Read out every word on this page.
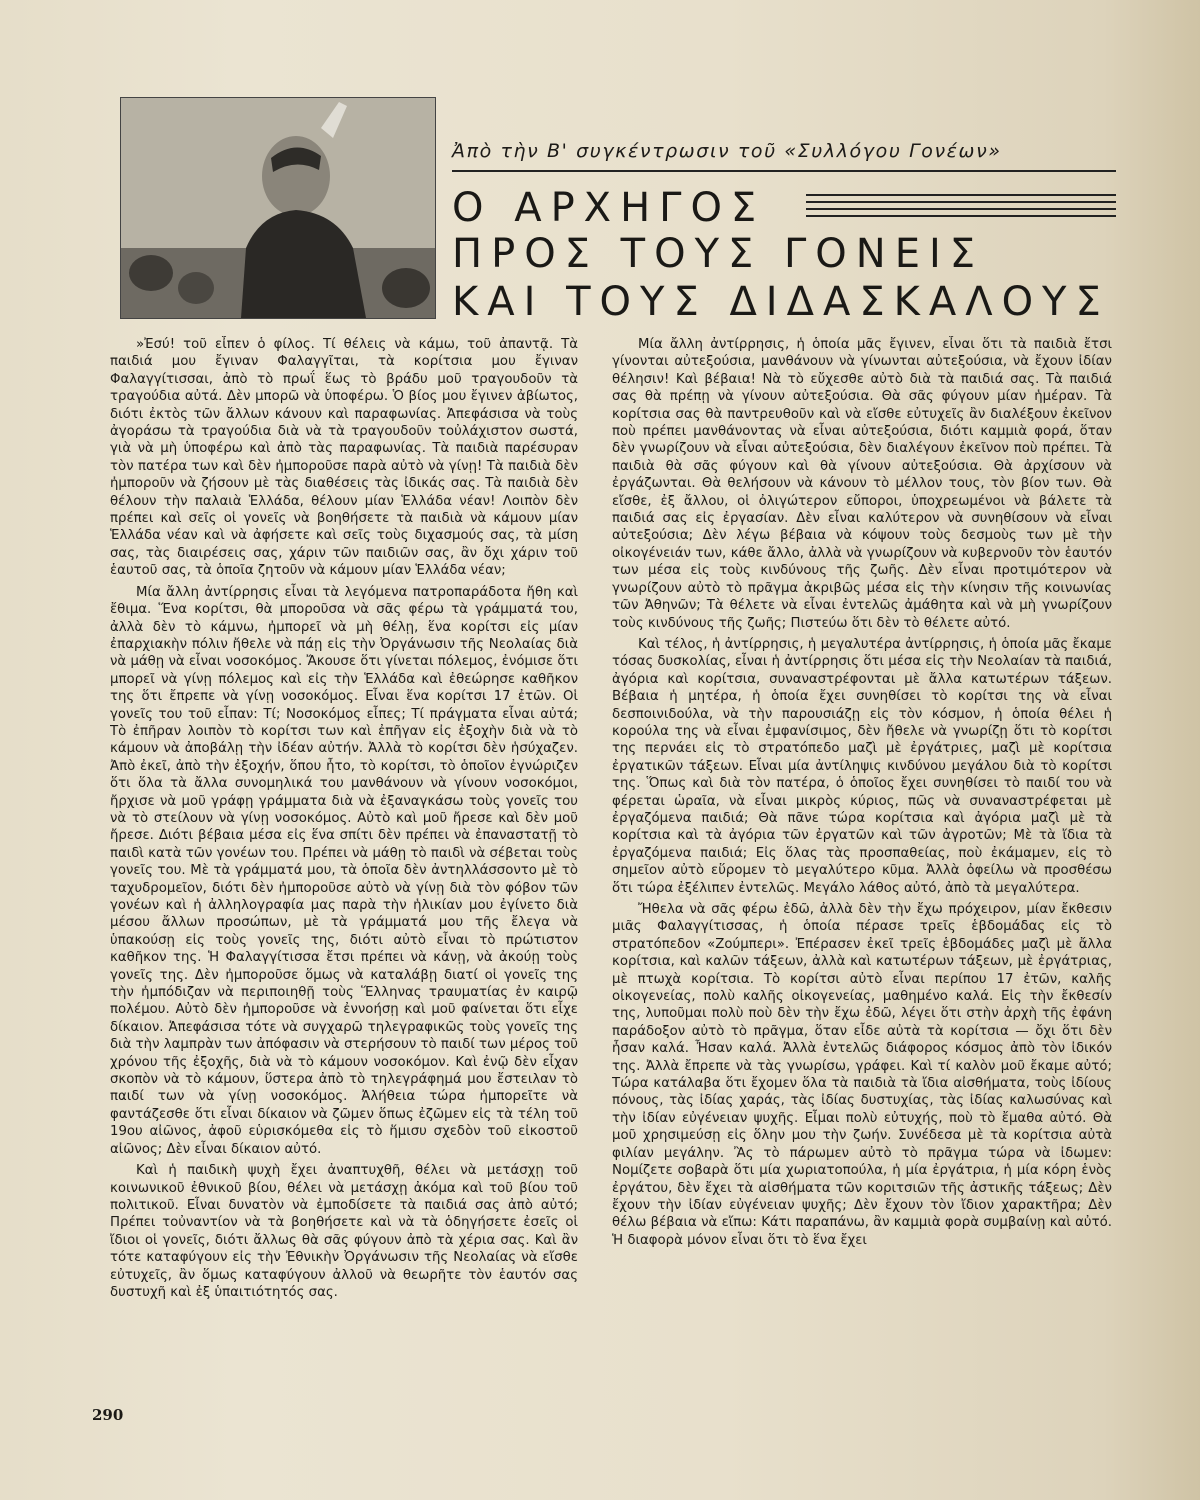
Ἀπὸ τὴν Β' συγκέντρωσιν τοῦ «Συλλόγου Γονέων»
Ο ΑΡΧΗΓΟΣ
ΠΡΟΣ ΤΟΥΣ ΓΟΝΕΙΣ
ΚΑΙ ΤΟΥΣ ΔΙΔΑΣΚΑΛΟΥΣ

»Ἐσύ! τοῦ εἶπεν ὁ φίλος. Τί θέλεις νὰ κάμω, τοῦ ἀπαντᾷ. Τὰ παιδιά μου ἔγιναν Φαλαγγῖται, τὰ κορίτσια μου ἔγιναν Φαλαγγίτισσαι, ἀπὸ τὸ πρωΐ ἕως τὸ βράδυ μοῦ τραγουδοῦν τὰ τραγούδια αὐτά. Δὲν μπορῶ νὰ ὑποφέρω. Ὁ βίος μου ἔγινεν ἀβίωτος, διότι ἐκτὸς τῶν ἄλλων κάνουν καὶ παραφωνίας. Ἀπεφάσισα νὰ τοὺς ἀγοράσω τὰ τραγούδια διὰ νὰ τὰ τραγουδοῦν τοὐλάχιστον σωστά, γιὰ νὰ μὴ ὑποφέρω καὶ ἀπὸ τὰς παραφωνίας. Τὰ παιδιὰ παρέσυραν τὸν πατέρα των καὶ δὲν ἠμποροῦσε παρὰ αὐτὸ νὰ γίνῃ! Τὰ παιδιὰ δὲν ἠμποροῦν νὰ ζήσουν μὲ τὰς διαθέσεις τὰς ἰδικάς σας. Τὰ παιδιὰ δὲν θέλουν τὴν παλαιὰ Ἑλλάδα, θέλουν μίαν Ἑλλάδα νέαν! Λοιπὸν δὲν πρέπει καὶ σεῖς οἱ γονεῖς νὰ βοηθήσετε τὰ παιδιὰ νὰ κάμουν μίαν Ἑλλάδα νέαν καὶ νὰ ἀφήσετε καὶ σεῖς τοὺς διχασμούς σας, τὰ μίση σας, τὰς διαιρέσεις σας, χάριν τῶν παιδιῶν σας, ἂν ὄχι χάριν τοῦ ἑαυτοῦ σας, τὰ ὁποῖα ζητοῦν νὰ κάμουν μίαν Ἑλλάδα νέαν;

Μία ἄλλη ἀντίρρησις εἶναι τὰ λεγόμενα πατροπαράδοτα ἤθη καὶ ἔθιμα. Ἕνα κορίτσι, θὰ μποροῦσα νὰ σᾶς φέρω τὰ γράμματά του, ἀλλὰ δὲν τὸ κάμνω, ἠμπορεῖ νὰ μὴ θέλῃ, ἕνα κορίτσι εἰς μίαν ἐπαρχιακὴν πόλιν ἤθελε νὰ πάῃ εἰς τὴν Ὀργάνωσιν τῆς Νεολαίας διὰ νὰ μάθῃ νὰ εἶναι νοσοκόμος. Ἄκουσε ὅτι γίνεται πόλεμος, ἐνόμισε ὅτι μπορεῖ νὰ γίνῃ πόλεμος καὶ εἰς τὴν Ἑλλάδα καὶ ἐθεώρησε καθῆκον της ὅτι ἔπρεπε νὰ γίνῃ νοσοκόμος. Εἶναι ἕνα κορίτσι 17 ἐτῶν. Οἱ γονεῖς του τοῦ εἶπαν: Τί; Νοσοκόμος εἶπες; Τί πράγματα εἶναι αὐτά; Τὸ ἐπῆραν λοιπὸν τὸ κορίτσι των καὶ ἐπῆγαν εἰς ἐξοχὴν διὰ νὰ τὸ κάμουν νὰ ἀποβάλῃ τὴν ἰδέαν αὐτήν. Ἀλλὰ τὸ κορίτσι δὲν ἡσύχαζεν. Ἀπὸ ἐκεῖ, ἀπὸ τὴν ἐξοχήν, ὅπου ἦτο, τὸ κορίτσι, τὸ ὁποῖον ἐγνώριζεν ὅτι ὅλα τὰ ἄλλα συνομηλικά του μανθάνουν νὰ γίνουν νοσοκόμοι, ἤρχισε νὰ μοῦ γράφῃ γράμματα διὰ νὰ ἐξαναγκάσω τοὺς γονεῖς του νὰ τὸ στείλουν νὰ γίνῃ νοσοκόμος. Αὐτὸ καὶ μοῦ ἤρεσε καὶ δὲν μοῦ ἤρεσε. Διότι βέβαια μέσα εἰς ἕνα σπίτι δὲν πρέπει νὰ ἐπαναστατῇ τὸ παιδὶ κατὰ τῶν γονέων του. Πρέπει νὰ μάθῃ τὸ παιδὶ νὰ σέβεται τοὺς γονεῖς του. Μὲ τὰ γράμματά μου, τὰ ὁποῖα δὲν ἀντηλλάσσοντο μὲ τὸ ταχυδρομεῖον, διότι δὲν ἠμποροῦσε αὐτὸ νὰ γίνῃ διὰ τὸν φόβον τῶν γονέων καὶ ἡ ἀλληλογραφία μας παρὰ τὴν ἡλικίαν μου ἐγίνετο διὰ μέσου ἄλλων προσώπων, μὲ τὰ γράμματά μου τῆς ἔλεγα νὰ ὑπακούσῃ εἰς τοὺς γονεῖς της, διότι αὐτὸ εἶναι τὸ πρώτιστον καθῆκον της. Ἡ Φαλαγγίτισσα ἔτσι πρέπει νὰ κάνῃ, νὰ ἀκούῃ τοὺς γονεῖς της. Δὲν ἠμποροῦσε ὅμως νὰ καταλάβῃ διατί οἱ γονεῖς της τὴν ἠμπόδιζαν νὰ περιποιηθῇ τοὺς Ἕλληνας τραυματίας ἐν καιρῷ πολέμου. Αὐτὸ δὲν ἠμποροῦσε νὰ ἐννοήσῃ καὶ μοῦ φαίνεται ὅτι εἶχε δίκαιον. Ἀπεφάσισα τότε νὰ συγχαρῶ τηλεγραφικῶς τοὺς γονεῖς της διὰ τὴν λαμπρὰν των ἀπόφασιν νὰ στερήσουν τὸ παιδί των μέρος τοῦ χρόνου τῆς ἐξοχῆς, διὰ νὰ τὸ κάμουν νοσοκόμον. Καὶ ἐνῷ δὲν εἶχαν σκοπὸν νὰ τὸ κάμουν, ὕστερα ἀπὸ τὸ τηλεγράφημά μου ἔστειλαν τὸ παιδί των νὰ γίνῃ νοσοκόμος. Ἀλήθεια τώρα ἠμπορεῖτε νὰ φαντάζεσθε ὅτι εἶναι δίκαιον νὰ ζῶμεν ὅπως ἐζῶμεν εἰς τὰ τέλη τοῦ 19ου αἰῶνος, ἀφοῦ εὑρισκόμεθα εἰς τὸ ἥμισυ σχεδὸν τοῦ εἰκοστοῦ αἰῶνος; Δὲν εἶναι δίκαιον αὐτό.

Καὶ ἡ παιδικὴ ψυχὴ ἔχει ἀναπτυχθῆ, θέλει νὰ μετάσχῃ τοῦ κοινωνικοῦ ἐθνικοῦ βίου, θέλει νὰ μετάσχῃ ἀκόμα καὶ τοῦ βίου τοῦ πολιτικοῦ. Εἶναι δυνατὸν νὰ ἐμποδίσετε τὰ παιδιά σας ἀπὸ αὐτό; Πρέπει τοὐναντίον νὰ τὰ βοηθήσετε καὶ νὰ τὰ ὁδηγήσετε ἐσεῖς οἱ ἴδιοι οἱ γονεῖς, διότι ἄλλως θὰ σᾶς φύγουν ἀπὸ τὰ χέρια σας. Καὶ ἂν τότε καταφύγουν εἰς τὴν Ἐθνικὴν Ὀργάνωσιν τῆς Νεολαίας νὰ εἴσθε εὐτυχεῖς, ἂν ὅμως καταφύγουν ἀλλοῦ νὰ θεωρῆτε τὸν ἑαυτόν σας δυστυχῆ καὶ ἐξ ὑπαιτιότητός σας.

Μία ἄλλη ἀντίρρησις, ἡ ὁποία μᾶς ἔγινεν, εἶναι ὅτι τὰ παιδιὰ ἔτσι γίνονται αὐτεξούσια, μανθάνουν νὰ γίνωνται αὐτεξούσια, νὰ ἔχουν ἰδίαν θέλησιν! Καὶ βέβαια! Νὰ τὸ εὔχεσθε αὐτὸ διὰ τὰ παιδιά σας. Τὰ παιδιά σας θὰ πρέπῃ νὰ γίνουν αὐτεξούσια. Θὰ σᾶς φύγουν μίαν ἡμέραν. Τὰ κορίτσια σας θὰ παντρευθοῦν καὶ νὰ εἴσθε εὐτυχεῖς ἂν διαλέξουν ἐκεῖνον ποὺ πρέπει μανθάνοντας νὰ εἶναι αὐτεξούσια, διότι καμμιὰ φορά, ὅταν δὲν γνωρίζουν νὰ εἶναι αὐτεξούσια, δὲν διαλέγουν ἐκεῖνον ποὺ πρέπει. Τὰ παιδιὰ θὰ σᾶς φύγουν καὶ θὰ γίνουν αὐτεξούσια. Θὰ ἀρχίσουν νὰ ἐργάζωνται. Θὰ θελήσουν νὰ κάνουν τὸ μέλλον τους, τὸν βίον των. Θὰ εἴσθε, ἐξ ἄλλου, οἱ ὀλιγώτερον εὔποροι, ὑποχρεωμένοι νὰ βάλετε τὰ παιδιά σας εἰς ἐργασίαν. Δὲν εἶναι καλύτερον νὰ συνηθίσουν νὰ εἶναι αὐτεξούσια; Δὲν λέγω βέβαια νὰ κόψουν τοὺς δεσμοὺς των μὲ τὴν οἰκογένειάν των, κάθε ἄλλο, ἀλλὰ νὰ γνωρίζουν νὰ κυβερνοῦν τὸν ἑαυτόν των μέσα εἰς τοὺς κινδύνους τῆς ζωῆς. Δὲν εἶναι προτιμότερον νὰ γνωρίζουν αὐτὸ τὸ πρᾶγμα ἀκριβῶς μέσα εἰς τὴν κίνησιν τῆς κοινωνίας τῶν Ἀθηνῶν; Τὰ θέλετε νὰ εἶναι ἐντελῶς ἀμάθητα καὶ νὰ μὴ γνωρίζουν τοὺς κινδύνους τῆς ζωῆς; Πιστεύω ὅτι δὲν τὸ θέλετε αὐτό.

Καὶ τέλος, ἡ ἀντίρρησις, ἡ μεγαλυτέρα ἀντίρρησις, ἡ ὁποία μᾶς ἔκαμε τόσας δυσκολίας, εἶναι ἡ ἀντίρρησις ὅτι μέσα εἰς τὴν Νεολαίαν τὰ παιδιά, ἀγόρια καὶ κορίτσια, συναναστρέφονται μὲ ἄλλα κατωτέρων τάξεων. Βέβαια ἡ μητέρα, ἡ ὁποία ἔχει συνηθίσει τὸ κορίτσι της νὰ εἶναι δεσποινιδούλα, νὰ τὴν παρουσιάζῃ εἰς τὸν κόσμον, ἡ ὁποία θέλει ἡ κορούλα της νὰ εἶναι ἐμφανίσιμος, δὲν ἤθελε νὰ γνωρίζῃ ὅτι τὸ κορίτσι της περνάει εἰς τὸ στρατόπεδο μαζὶ μὲ ἐργάτριες, μαζὶ μὲ κορίτσια ἐργατικῶν τάξεων. Εἶναι μία ἀντίληψις κινδύνου μεγάλου διὰ τὸ κορίτσι της. Ὅπως καὶ διὰ τὸν πατέρα, ὁ ὁποῖος ἔχει συνηθίσει τὸ παιδί του νὰ φέρεται ὡραῖα, νὰ εἶναι μικρὸς κύριος, πῶς νὰ συναναστρέφεται μὲ ἐργαζόμενα παιδιά; Θὰ πᾶνε τώρα κορίτσια καὶ ἀγόρια μαζὶ μὲ τὰ κορίτσια καὶ τὰ ἀγόρια τῶν ἐργατῶν καὶ τῶν ἀγροτῶν; Μὲ τὰ ἴδια τὰ ἐργαζόμενα παιδιά; Εἰς ὅλας τὰς προσπαθείας, ποὺ ἐκάμαμεν, εἰς τὸ σημεῖον αὐτὸ εὕρομεν τὸ μεγαλύτερο κῦμα. Ἀλλὰ ὀφείλω νὰ προσθέσω ὅτι τώρα ἐξέλιπεν ἐντελῶς. Μεγάλο λάθος αὐτό, ἀπὸ τὰ μεγαλύτερα.

Ἤθελα νὰ σᾶς φέρω ἐδῶ, ἀλλὰ δὲν τὴν ἔχω πρόχειρον, μίαν ἔκθεσιν μιᾶς Φαλαγγίτισσας, ἡ ὁποία πέρασε τρεῖς ἑβδομάδας εἰς τὸ στρατόπεδον «Ζούμπερι». Ἐπέρασεν ἐκεῖ τρεῖς ἑβδομάδες μαζὶ μὲ ἄλλα κορίτσια, καὶ καλῶν τάξεων, ἀλλὰ καὶ κατωτέρων τάξεων, μὲ ἐργάτριας, μὲ πτωχὰ κορίτσια. Τὸ κορίτσι αὐτὸ εἶναι περίπου 17 ἐτῶν, καλῆς οἰκογενείας, πολὺ καλῆς οἰκογενείας, μαθημένο καλά. Εἰς τὴν ἔκθεσίν της, λυποῦμαι πολὺ ποὺ δὲν τὴν ἔχω ἐδῶ, λέγει ὅτι στὴν ἀρχὴ τῆς ἐφάνη παράδοξον αὐτὸ τὸ πρᾶγμα, ὅταν εἶδε αὐτὰ τὰ κορίτσια — ὄχι ὅτι δὲν ἦσαν καλά. Ἦσαν καλά. Ἀλλὰ ἐντελῶς διάφορος κόσμος ἀπὸ τὸν ἰδικόν της. Ἀλλὰ ἔπρεπε νὰ τὰς γνωρίσω, γράφει. Καὶ τί καλὸν μοῦ ἔκαμε αὐτό; Τώρα κατάλαβα ὅτι ἔχομεν ὅλα τὰ παιδιὰ τὰ ἴδια αἰσθήματα, τοὺς ἰδίους πόνους, τὰς ἰδίας χαράς, τὰς ἰδίας δυστυχίας, τὰς ἰδίας καλωσύνας καὶ τὴν ἰδίαν εὐγένειαν ψυχῆς. Εἶμαι πολὺ εὐτυχής, ποὺ τὸ ἔμαθα αὐτό. Θὰ μοῦ χρησιμεύσῃ εἰς ὅλην μου τὴν ζωήν. Συνέδεσα μὲ τὰ κορίτσια αὐτὰ φιλίαν μεγάλην. Ἂς τὸ πάρωμεν αὐτὸ τὸ πρᾶγμα τώρα νὰ ἰδωμεν: Νομίζετε σοβαρὰ ὅτι μία χωριατοπούλα, ἡ μία ἐργάτρια, ἡ μία κόρη ἑνὸς ἐργάτου, δὲν ἔχει τὰ αἰσθήματα τῶν κοριτσιῶν τῆς ἀστικῆς τάξεως; Δὲν ἔχουν τὴν ἰδίαν εὐγένειαν ψυχῆς; Δὲν ἔχουν τὸν ἴδιον χαρακτῆρα; Δὲν θέλω βέβαια νὰ εἴπω: Κάτι παραπάνω, ἂν καμμιὰ φορὰ συμβαίνῃ καὶ αὐτό. Ἡ διαφορὰ μόνον εἶναι ὅτι τὸ ἕνα ἔχει

290
